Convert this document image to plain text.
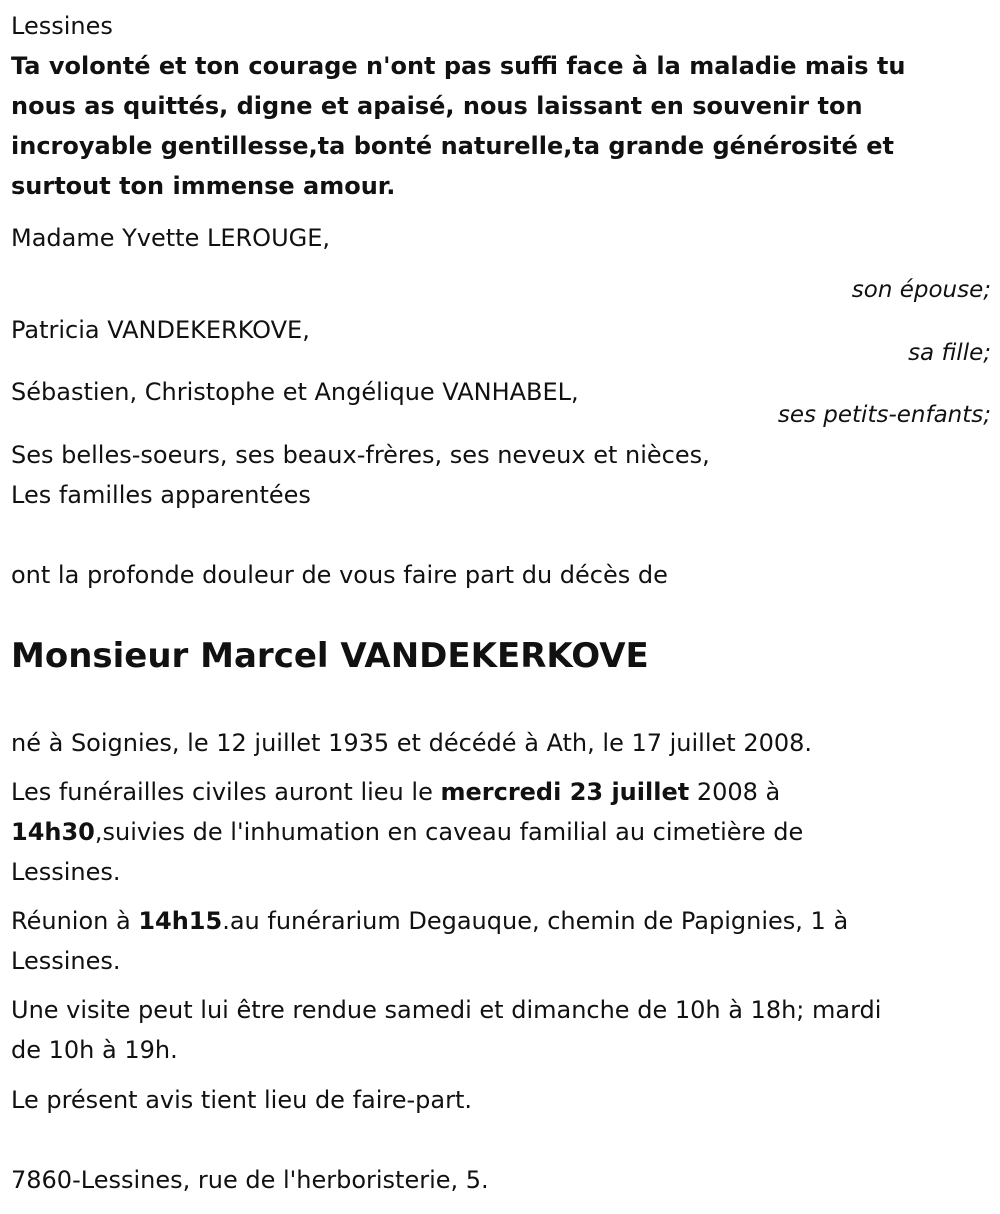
Lessines
Ta volonté et ton courage n'ont pas suffi face à la maladie mais tu
nous as quittés, digne et apaisé, nous laissant en souvenir ton
incroyable gentillesse,ta bonté naturelle,ta grande générosité et
surtout ton immense amour.
Madame Yvette LEROUGE,
son épouse;
Patricia VANDEKERKOVE,
sa fille;
Sébastien, Christophe et Angélique VANHABEL,
ses petits-enfants;
Ses belles-soeurs, ses beaux-frères, ses neveux et nièces,
Les familles apparentées
ont la profonde douleur de vous faire part du décès de
Monsieur Marcel VANDEKERKOVE
né à Soignies, le 12 juillet 1935 et décédé à Ath, le 17 juillet 2008.
Les funérailles civiles auront lieu le mercredi 23 juillet 2008 à
14h30,suivies de l'inhumation en caveau familial au cimetière de
Lessines.
Réunion à 14h15.au funérarium Degauque, chemin de Papignies, 1 à
Lessines.
Une visite peut lui être rendue samedi et dimanche de 10h à 18h; mardi
de 10h à 19h.
Le présent avis tient lieu de faire-part.
7860-Lessines, rue de l'herboristerie, 5.
